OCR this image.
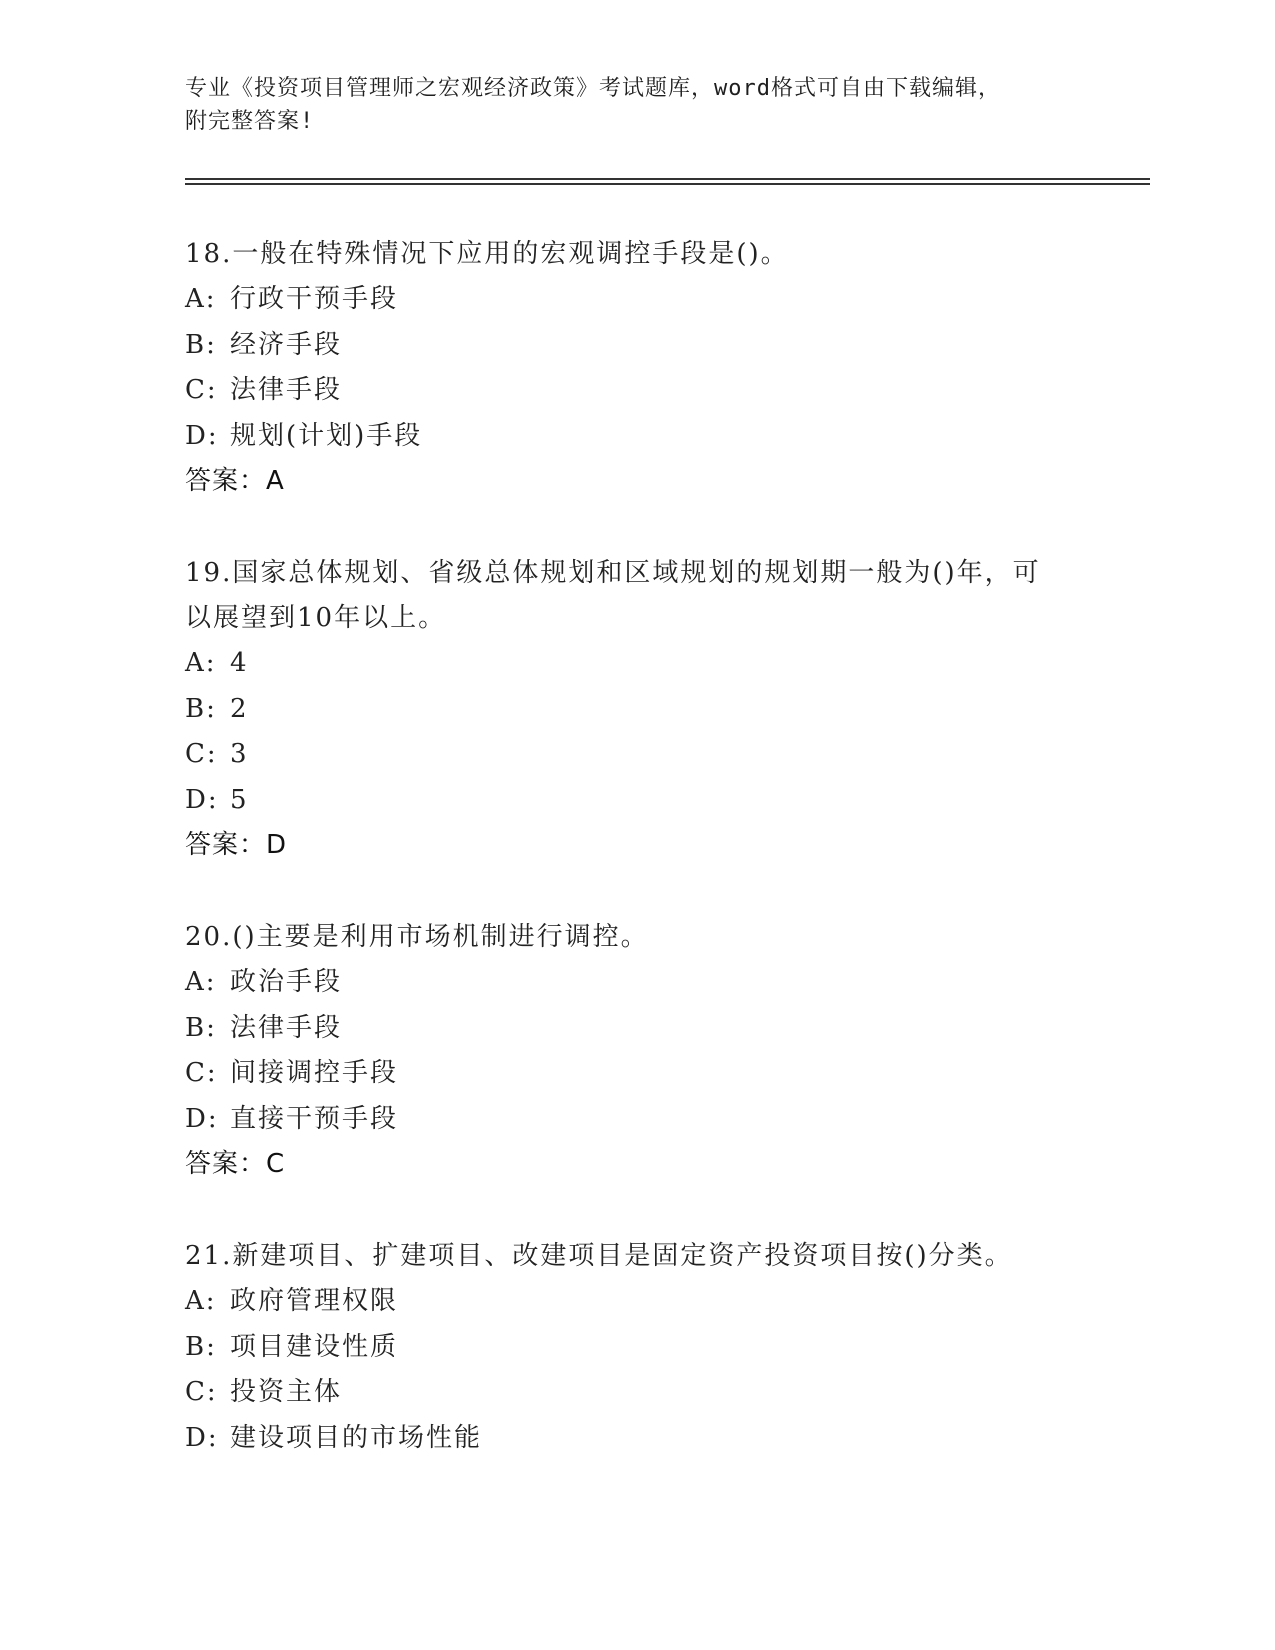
专业《投资项目管理师之宏观经济政策》考试题库，word格式可自由下载编辑，
附完整答案!

18.一般在特殊情况下应用的宏观调控手段是()。

A: 行政干预手段

B: 经济手段

C: 法律手段

D: 规划(计划)手段

答案：A

19.国家总体规划、省级总体规划和区域规划的规划期一般为()年，可以展望到10年以上。

A: 4

B: 2

C: 3

D: 5

答案：D

20.()主要是利用市场机制进行调控。

A: 政治手段

B: 法律手段

C: 间接调控手段

D: 直接干预手段

答案：C

21.新建项目、扩建项目、改建项目是固定资产投资项目按()分类。

A: 政府管理权限

B: 项目建设性质

C: 投资主体

D: 建设项目的市场性能
